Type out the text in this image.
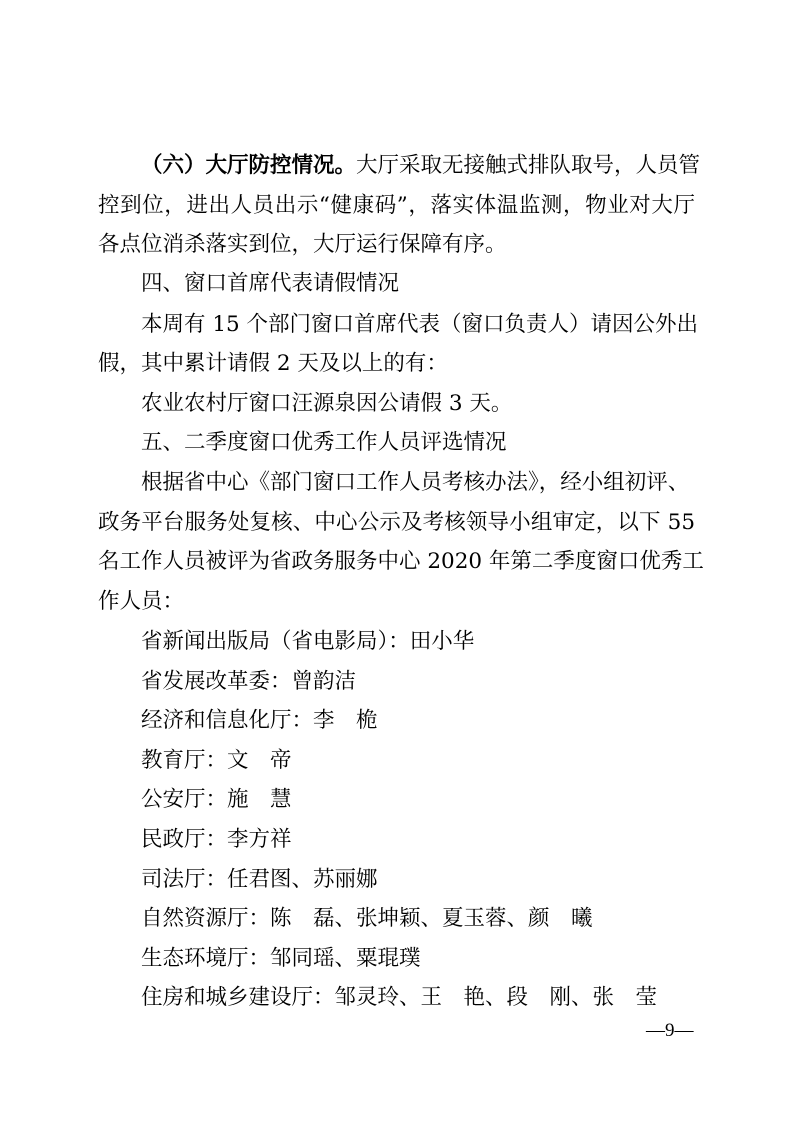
（六）大厅防控情况。大厅采取无接触式排队取号，人员管
控到位，进出人员出示“健康码”，落实体温监测，物业对大厅
各点位消杀落实到位，大厅运行保障有序。
四、窗口首席代表请假情况
本周有 15 个部门窗口首席代表（窗口负责人）请因公外出
假，其中累计请假 2 天及以上的有：
农业农村厅窗口汪源泉因公请假 3 天。
五、二季度窗口优秀工作人员评选情况
根据省中心《部门窗口工作人员考核办法》，经小组初评、
政务平台服务处复核、中心公示及考核领导小组审定，以下 55
名工作人员被评为省政务服务中心 2020 年第二季度窗口优秀工
作人员：
省新闻出版局（省电影局）：田小华
省发展改革委：曾韵洁
经济和信息化厅：李　桅
教育厅：文　帝
公安厅：施　慧
民政厅：李方祥
司法厅：任君图、苏丽娜
自然资源厅：陈　磊、张坤颖、夏玉蓉、颜　曦
生态环境厅：邹同瑶、粟琨璞
住房和城乡建设厅：邹灵玲、王　艳、段　刚、张　莹
—9—
